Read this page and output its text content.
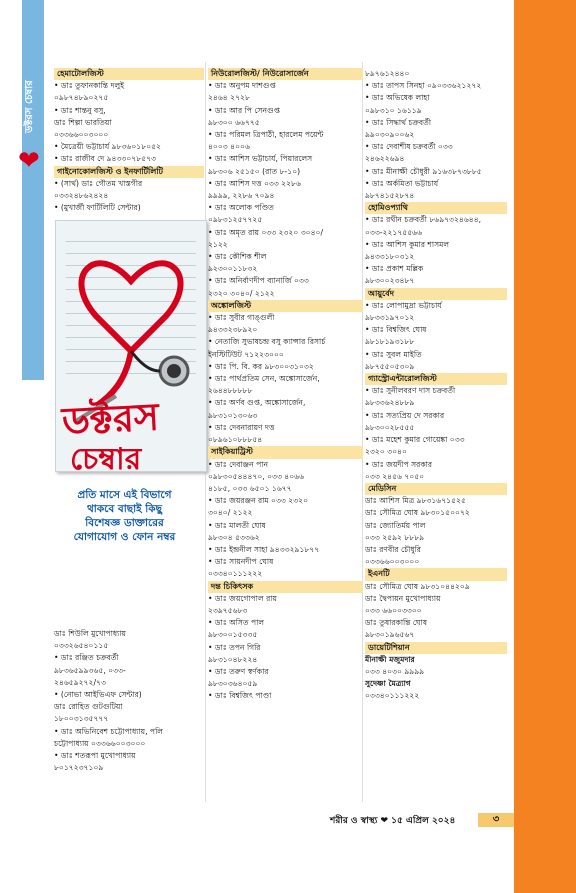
ডক্টরস চেম্বার
❤

হেমাটোলজিস্ট

• ডাঃ তুফানকান্তি দলুই

০৯৮৭৪৮৯০২৭৫

• ডাঃ শান্তনু বসু,

ডাঃ শিল্পা ভারতিয়া

০৩৩৬৬০০৩০০০

• মৈত্রেয়ী ভট্টাচার্য ৯৮৩৬০১৮০৫২

• ডাঃ রাজীব দে ৯৪৩৩০৭৮৫৭৩

গাইনোকোলজিস্ট ও ইনফার্টিলিটি

• (সার্থ) ডাঃ গৌতম খাস্তগীর

০৩৩২৪৮৬২৪২৪

• (মুখার্জী ফার্টিলিটি সেন্টার)

ডক্টরস
চেম্বার
প্রতি মাসে এই বিভাগে
থাকবে বাছাই কিছু
বিশেষজ্ঞ ডাক্তারের
যোগাযোগ ও ফোন নম্বর

ডাঃ শিউলি মুখোপাধ্যায়

০৩৩২৬৫৪০১১৫

• ডাঃ রঞ্জিত চক্রবর্তী

৯৮৩৬৫৯৯৩৬৫, ০৩৩-

২৪৬৫৯২৭২/৭৩

• (নোভা আইভিএফ সেন্টার)

ডাঃ রোহিত গুটগুটিয়া

১৮০০৩১৩৫৭৭৭

• ডাঃ অভিনিবেশ চট্টোপাধ্যায়, পলি

চট্টোপাধ্যায় ০৩৩৬৬০০৩০০০

• ডাঃ শতরূপা মুখোপাধ্যায়

৮০১৭২৩৭১০৯

নিউরোলজিস্ট/ নিউরোসার্জেন

• ডাঃ অনুপম দাশগুপ্ত

২৪৬৪ ২৭২৮

• ডাঃ আর পি সেনগুপ্ত

৯৮৩০০ ৬৬৭৭৫

• ডাঃ পরিমল ত্রিপাঠী, হারলেম পয়েন্ট

৪০০৩ ৪০০৬

• ডাঃ আশিস ভট্টাচার্য, পিয়ারলেস

৯৮৩০৬ ২৫১৫০ (রাত ৮-১০)

• ডাঃ আশিস দত্ত ০৩৩ ২২৮৬

৯৯৯৯, ২২৮৬ ৭০৯৪

• ডাঃ অলোক পণ্ডিত

০৯৮৩১২৫৭৭২৫

• ডাঃ অমৃত রায় ০৩৩ ২৩২০ ৩০৪০/

২১২২

• ডাঃ কৌশিক শীল

৯২৩০০১১৮৩২

• ডাঃ অনির্বাণদীপ ব্যানার্জি ০৩৩

২৩২০ ৩০৪০/ ২১২২

অঙ্কোলজিস্ট

• ডাঃ সুবীর গাঙ্গুলী

৯৪৩৩২৩৮৯২০

• নেতাজি সুভাষচন্দ্র বসু ক্যান্সার রিসার্চ

ইনস্টিটিউট ৭১২২৩০০০

• ডাঃ পি. বি. কর ৯৮৩০০৩১০৩২

• ডাঃ পার্থপ্রতিম সেন, অঙ্কোসার্জেন,

২৬৪৪৮৮৮৮৮

• ডাঃ অর্ণব গুপ্ত, অঙ্কোসার্জেন,

৯৮৩১০১৩০৬৩

• ডাঃ দেবনারায়ণ দত্ত

০৮৯৬১০৮৮৮৫৪

সাইকিয়াট্রিস্ট

• ডাঃ দেবাঞ্জন পান

০৯৮৩০৫৪৪৪৭০, ০৩৩ ৪০৬৬

৪১৮৫, ০৩৩ ৬৫০১ ১৬৭৭

• ডাঃ জয়রঞ্জন রাম ০৩৩ ২৩২০

৩০৪০/ ২১২২

• ডাঃ মালতী ঘোষ

৯৮৩০৪ ৫৩৩৬২

• ডাঃ ইন্দ্রনীল সাহা ৯৪৩৩২৯১৮৭৭

• ডাঃ সায়নদীপ ঘোষ

০৩৩৪০১১১২২২

দন্ত চিকিৎসক

• ডাঃ জয়গোপাল রায়

২৩৯৭৫৬৮৩

• ডাঃ অসিত পাল

৯৮৩০০১৫৩৩৫

• ডাঃ তপন গিরি

৯৮৩১০৪৮২২৪

• ডাঃ তরুণ স্বর্ণকার

৯৮৩০৩৬৪০৫৯

• ডাঃ বিশ্বজিৎ পাণ্ডা

৮৯৭৬১২৪৪০

• ডাঃ তাপস সিনহা ০৯০৩৩৬২১২৭২

• ডাঃ অভিষেক লাহা

০৯৮৩১০ ১৬১১৯

• ডাঃ সিদ্ধার্থ চক্রবর্তী

৯৯০৩০৯০০৬২

• ডাঃ দেবাশীষ চক্রবর্তী ০৩৩

২৪৬২২৬৯৪

• ডাঃ মীনাক্ষী চৌধুরী ৯১৬৩৮৭৩৮৮৫

• ডাঃ অর্কমিতা ভট্টাচার্য

৯৮৭৪১৫২৮৭৪

হোমিওপ্যাথি

• ডাঃ রথীন চক্রবর্তী ৮৬৯৭৩২৪৬৪৪,

০৩৩-২২১৭৫৫৬৬

• ডাঃ আশিস কুমার শাসমল

৯৪৩৩১৮০৩১২

• ডাঃ প্রকাশ মল্লিক

৯৮৩০০২৩৪৮৭

আয়ুর্বেদ

• ডাঃ লোপামুদ্রা ভট্টাচার্য

৯৮৩৩১৯৭০১২

• ডাঃ বিশ্বজিৎ ঘোষ

৯৮১৮১৯৩১৮৮

• ডাঃ সুবল মাইতি

৯৮৭৫৫০৫৩০৯

গ্যাস্ট্রোএন্টারোলজিস্ট

• ডাঃ সুনীলবরণ দাস চক্রবর্তী

৯৮৩৩৬২৪৮৮৯

• ডাঃ সত্যপ্রিয় দে সরকার

৯৮৩০০২৮৫৫৫

• ডাঃ মহেশ কুমার গোয়েঙ্কা ০৩৩

২৩২০ ৩০৪০

• ডাঃ জয়দীপ সরকার

০৩৩ ২৪৫৬ ৭০৫০

মেডিসিন

ডাঃ আশিস মিত্র ৯৮৩১৬৭১৫২৫

ডাঃ সৌমিত্র ঘোষ ৯৮৩০১৫০০৭২

ডাঃ জ্যোতির্ময় পাল

০৩৩ ২৫৯২ ৮৮৮৯

ডাঃ রণবীর চৌধুরি

০৩৩৬৬০০৩০০০

ইএনটি

ডাঃ সৌমিত্র ঘোষ ৯৮৩১০৪৪২০৯

ডাঃ দ্বৈপায়ন মুখোপাধ্যায়

০৩৩ ৬৬০০৩৩০০

ডাঃ তুষারকান্তি ঘোষ

৯৮৩০১৯৬৫৬৭

ডায়েটিশিয়ান

মীনাক্ষী মজুমদার

০৩৩ ৪০৩০ ৯৯৯৯

সুদেষ্ণা মৈত্র্যাগ

০৩৩৪০১১১২২২

শরীর ও স্বাস্থ্য ❤ ১৫ এপ্রিল ২০২৪	৩
